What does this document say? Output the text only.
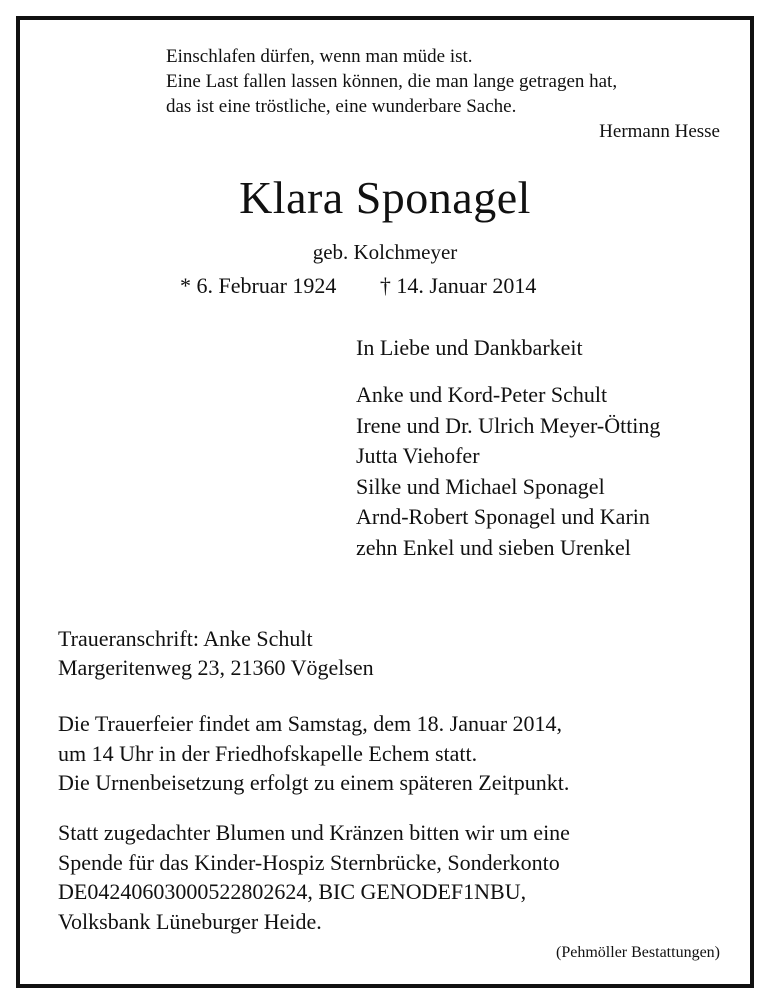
Einschlafen dürfen, wenn man müde ist.
Eine Last fallen lassen können, die man lange getragen hat,
das ist eine tröstliche, eine wunderbare Sache.
Hermann Hesse
Klara Sponagel
geb. Kolchmeyer
* 6. Februar 1924 † 14. Januar 2014
In Liebe und Dankbarkeit
Anke und Kord-Peter Schult
Irene und Dr. Ulrich Meyer-Ötting
Jutta Viehofer
Silke und Michael Sponagel
Arnd-Robert Sponagel und Karin
zehn Enkel und sieben Urenkel
Traueranschrift: Anke Schult
Margeritenweg 23, 21360 Vögelsen
Die Trauerfeier findet am Samstag, dem 18. Januar 2014,
um 14 Uhr in der Friedhofskapelle Echem statt.
Die Urnenbeisetzung erfolgt zu einem späteren Zeitpunkt.
Statt zugedachter Blumen und Kränzen bitten wir um eine
Spende für das Kinder-Hospiz Sternbrücke, Sonderkonto
DE04240603000522802624, BIC GENODEF1NBU,
Volksbank Lüneburger Heide.
(Pehmöller Bestattungen)
